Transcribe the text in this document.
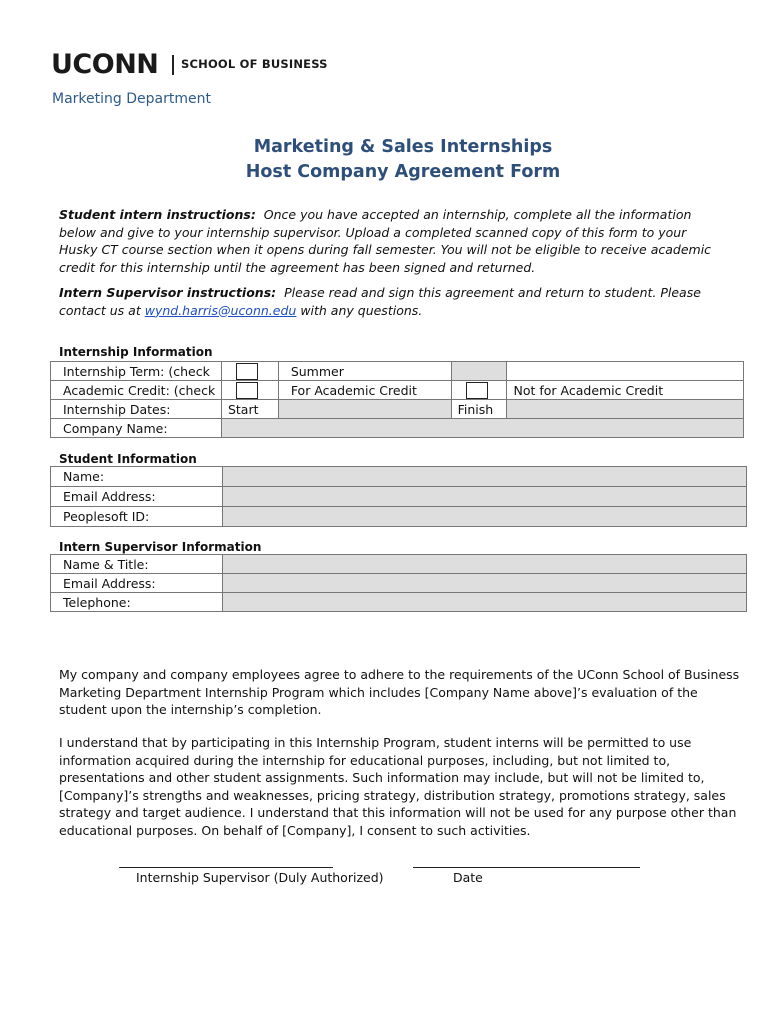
UCONN SCHOOL OF BUSINESS
Marketing Department
Marketing & Sales Internships
Host Company Agreement Form
Student intern instructions: Once you have accepted an internship, complete all the information below and give to your internship supervisor. Upload a completed scanned copy of this form to your Husky CT course section when it opens during fall semester. You will not be eligible to receive academic credit for this internship until the agreement has been signed and returned.
Intern Supervisor instructions: Please read and sign this agreement and return to student. Please contact us at wynd.harris@uconn.edu with any questions.
Internship Information
Internship Term: (check		Summer		
Academic Credit: (check		For Academic Credit		Not for Academic Credit
Internship Dates:	Start		Finish	
Company Name:				
Student Information
Name:	
Email Address:	
Peoplesoft ID:	
Intern Supervisor Information
Name & Title:	
Email Address:	
Telephone:	
My company and company employees agree to adhere to the requirements of the UConn School of Business Marketing Department Internship Program which includes [Company Name above]’s evaluation of the student upon the internship’s completion.
I understand that by participating in this Internship Program, student interns will be permitted to use information acquired during the internship for educational purposes, including, but not limited to, presentations and other student assignments. Such information may include, but will not be limited to, [Company]’s strengths and weaknesses, pricing strategy, distribution strategy, promotions strategy, sales strategy and target audience. I understand that this information will not be used for any purpose other than educational purposes. On behalf of [Company], I consent to such activities.
Internship Supervisor (Duly Authorized)	Date
